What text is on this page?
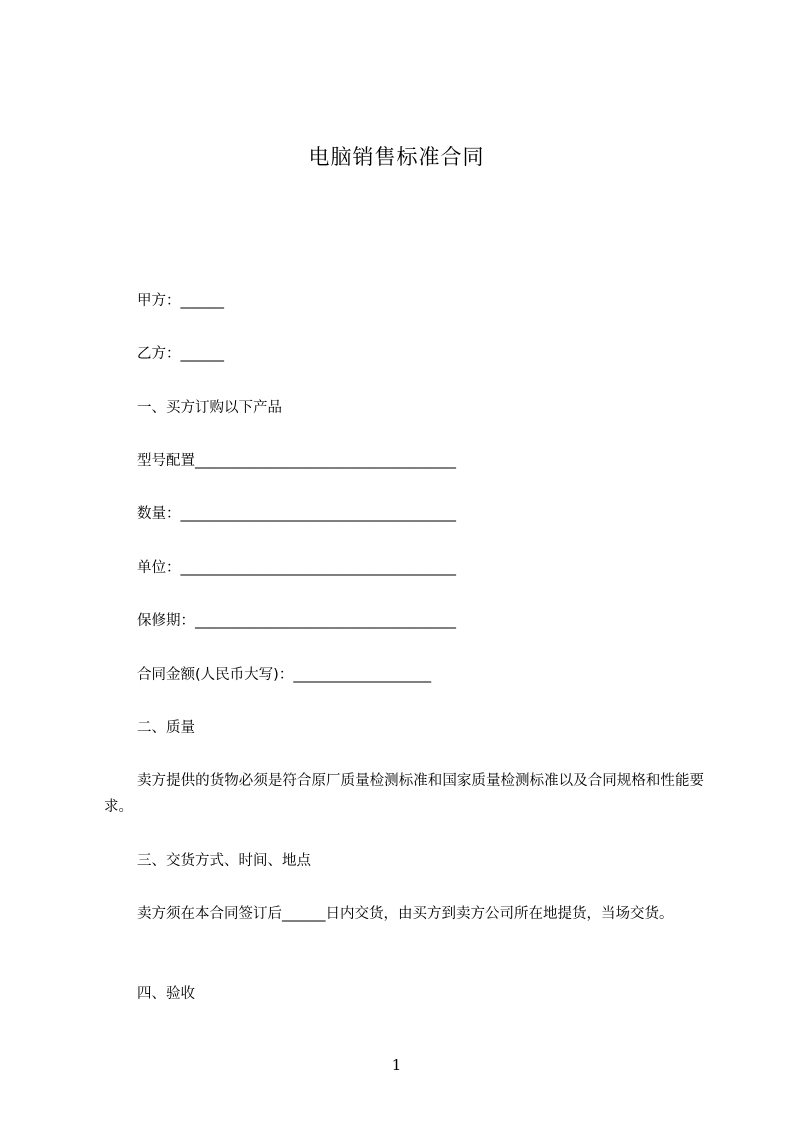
电脑销售标准合同
甲方：______
乙方：______
一、买方订购以下产品
型号配置____________________________________
数量：______________________________________
单位：______________________________________
保修期：____________________________________
合同金额(人民币大写)：___________________
二、质量
卖方提供的货物必须是符合原厂质量检测标准和国家质量检测标准以及合同规格和性能要求。
三、交货方式、时间、地点
卖方须在本合同签订后______日内交货，由买方到卖方公司所在地提货，当场交货。
四、验收
1
